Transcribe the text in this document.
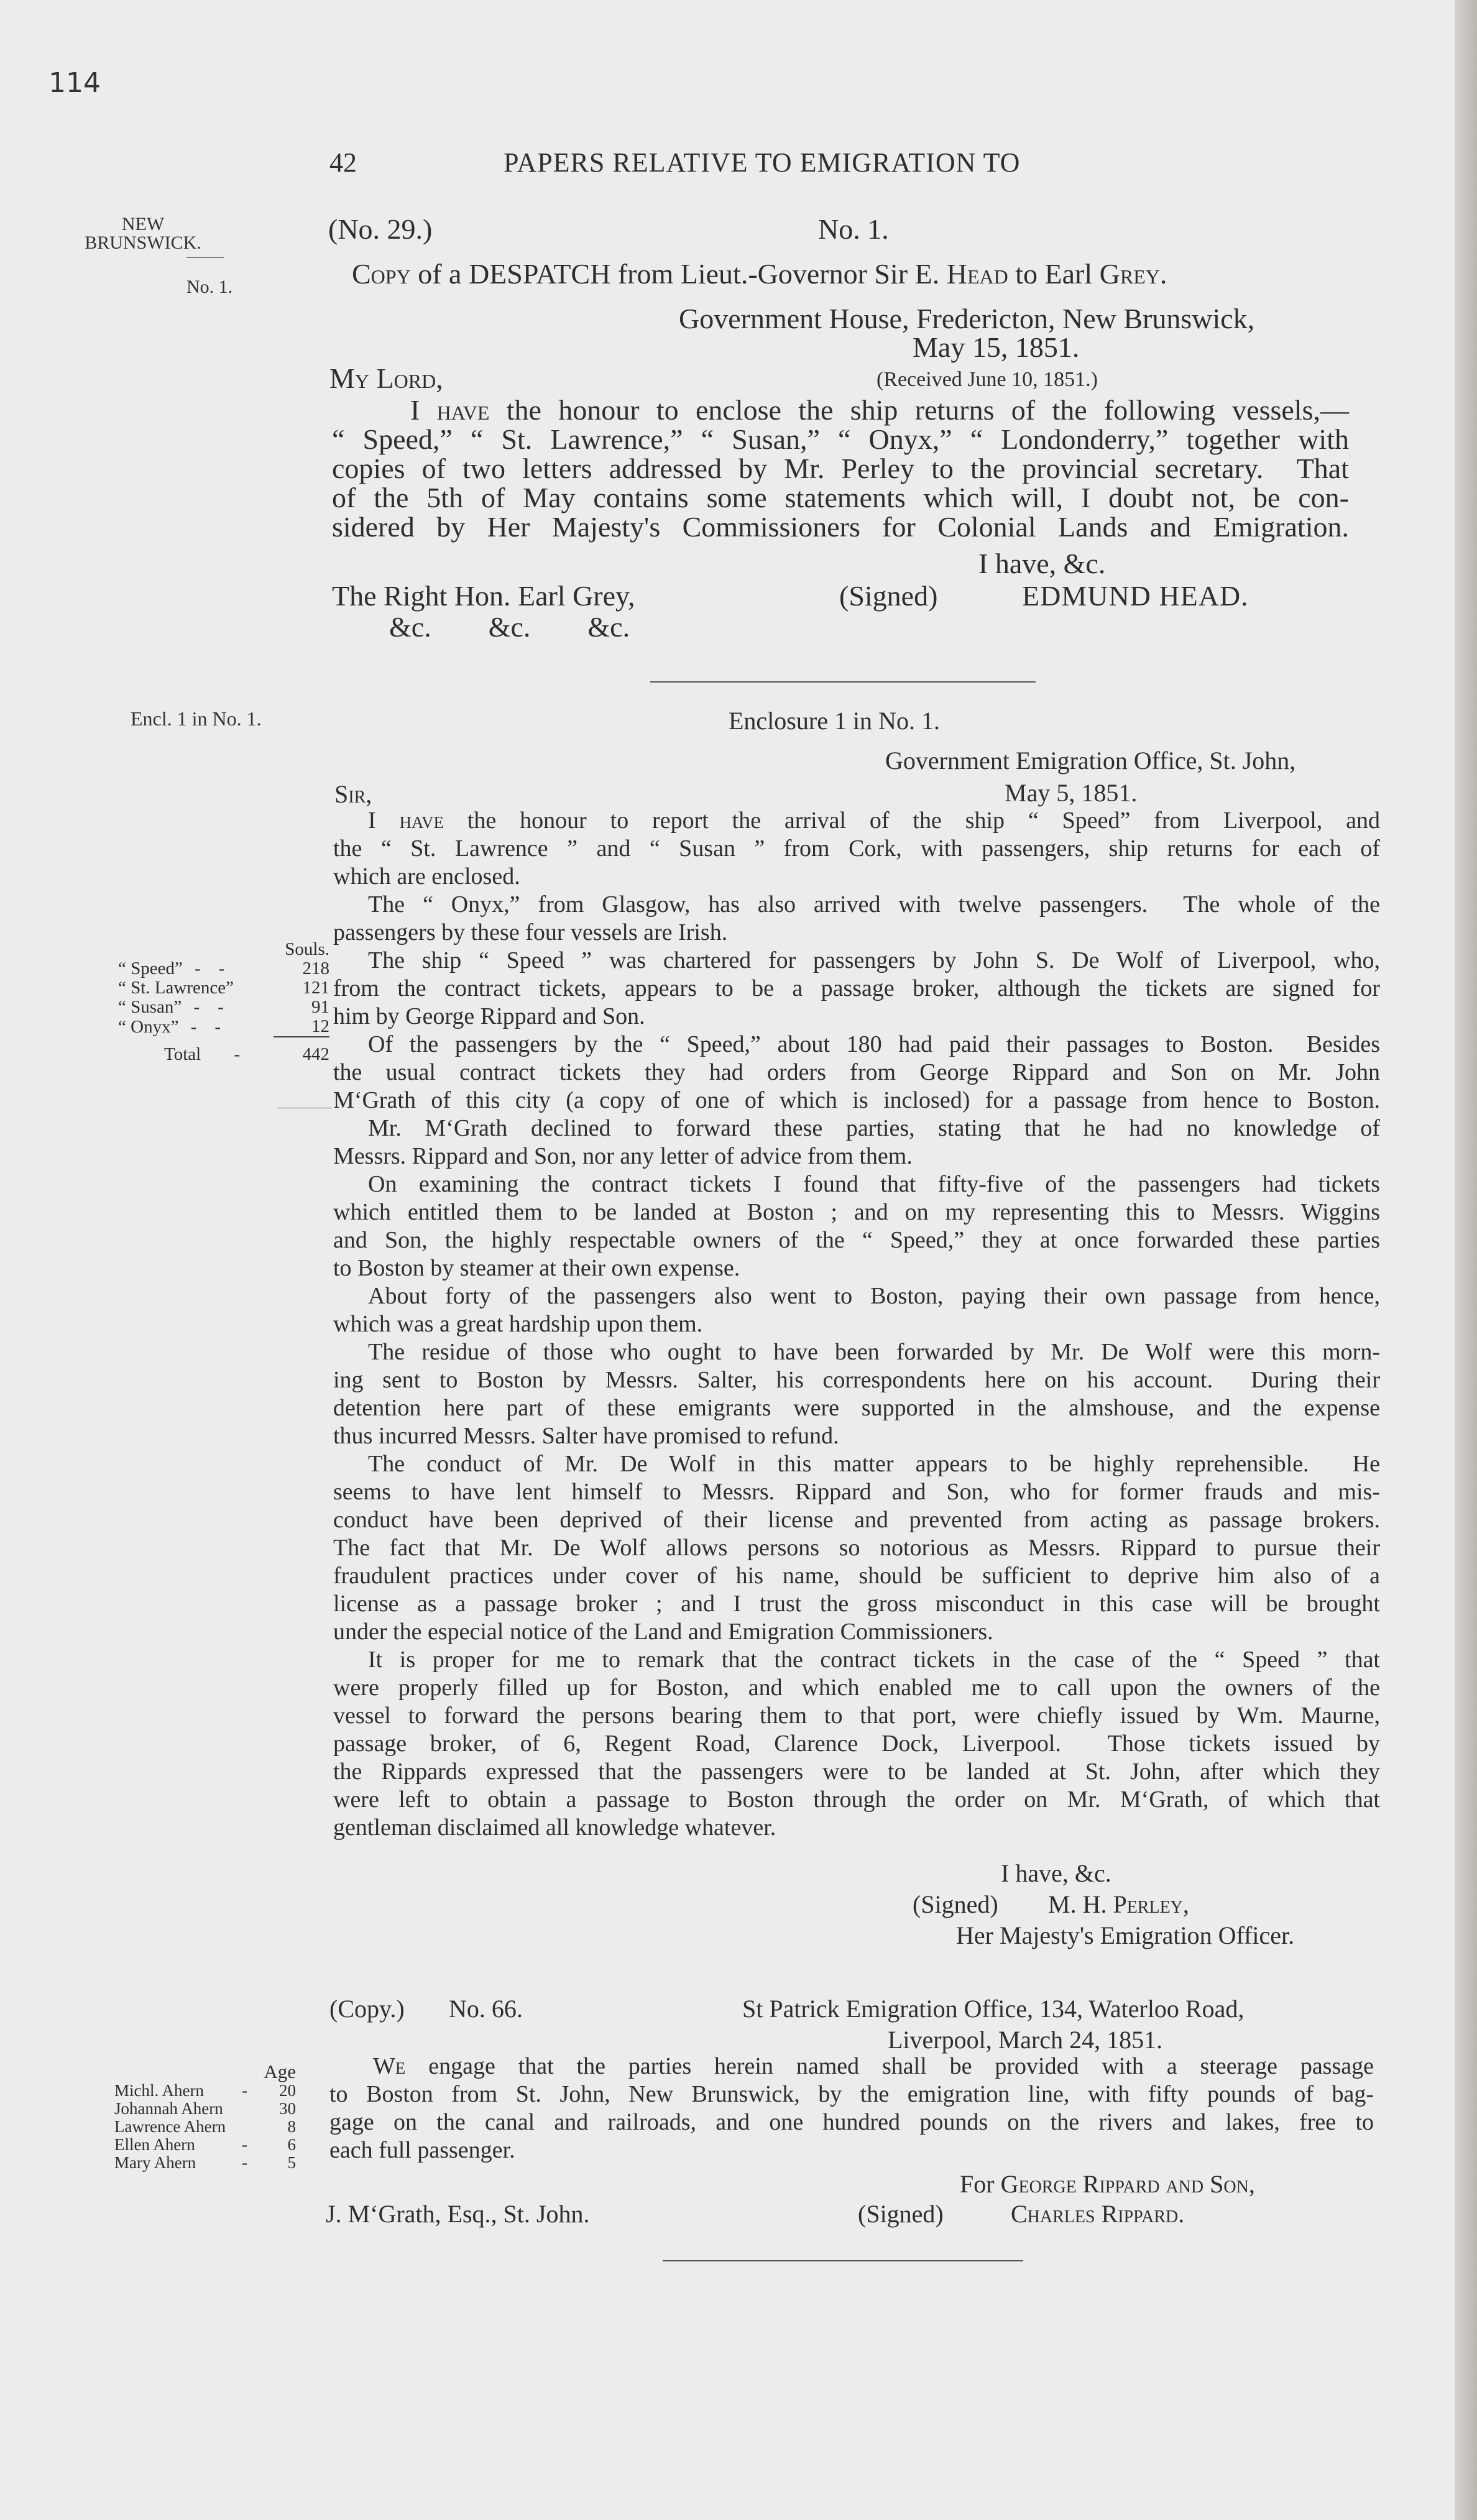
114
42	PAPERS RELATIVE TO EMIGRATION TO
NEW
BRUNSWICK.
No. 1.
(No. 29.)	No. 1.
Copy of a DESPATCH from Lieut.-Governor Sir E. Head to Earl Grey.
Government House, Fredericton, New Brunswick,
May 15, 1851.
My Lord,	(Received June 10, 1851.)
I have the honour to enclose the ship returns of the following vessels,—
“ Speed,” “ St. Lawrence,” “ Susan,” “ Onyx,” “ Londonderry,” together with
copies of two letters addressed by Mr. Perley to the provincial secretary.  That
of the 5th of May contains some statements which will, I doubt not, be con-
sidered by Her Majesty's Commissioners for Colonial Lands and Emigration.
I have, &c.
The Right Hon. Earl Grey,	(Signed)	EDMUND HEAD.
&c.        &c.        &c.
Encl. 1 in No. 1.	Enclosure 1 in No. 1.
Government Emigration Office, St. John,
May 5, 1851.
Sir,
I have the honour to report the arrival of the ship “ Speed” from Liverpool, and
the “ St. Lawrence ” and “ Susan ” from Cork, with passengers, ship returns for each of
which are enclosed.
The “ Onyx,” from Glasgow, has also arrived with twelve passengers.  The whole of the
passengers by these four vessels are Irish.
The ship “ Speed ” was chartered for passengers by John S. De Wolf of Liverpool, who,
from the contract tickets, appears to be a passage broker, although the tickets are signed for
him by George Rippard and Son.
Of the passengers by the “ Speed,” about 180 had paid their passages to Boston.  Besides
the usual contract tickets they had orders from George Rippard and Son on Mr. John
M‘Grath of this city (a copy of one of which is inclosed) for a passage from hence to Boston.
Mr. M‘Grath declined to forward these parties, stating that he had no knowledge of
Messrs. Rippard and Son, nor any letter of advice from them.
On examining the contract tickets I found that fifty-five of the passengers had tickets
which entitled them to be landed at Boston ; and on my representing this to Messrs. Wiggins
and Son, the highly respectable owners of the “ Speed,” they at once forwarded these parties
to Boston by steamer at their own expense.
About forty of the passengers also went to Boston, paying their own passage from hence,
which was a great hardship upon them.
The residue of those who ought to have been forwarded by Mr. De Wolf were this morn-
ing sent to Boston by Messrs. Salter, his correspondents here on his account.  During their
detention here part of these emigrants were supported in the almshouse, and the expense
thus incurred Messrs. Salter have promised to refund.
The conduct of Mr. De Wolf in this matter appears to be highly reprehensible.  He
seems to have lent himself to Messrs. Rippard and Son, who for former frauds and mis-
conduct have been deprived of their license and prevented from acting as passage brokers.
The fact that Mr. De Wolf allows persons so notorious as Messrs. Rippard to pursue their
fraudulent practices under cover of his name, should be sufficient to deprive him also of a
license as a passage broker ; and I trust the gross misconduct in this case will be brought
under the especial notice of the Land and Emigration Commissioners.
It is proper for me to remark that the contract tickets in the case of the “ Speed ” that
were properly filled up for Boston, and which enabled me to call upon the owners of the
vessel to forward the persons bearing them to that port, were chiefly issued by Wm. Maurne,
passage broker, of 6, Regent Road, Clarence Dock, Liverpool.  Those tickets issued by
the Rippards expressed that the passengers were to be landed at St. John, after which they
were left to obtain a passage to Boston through the order on Mr. M‘Grath, of which that
gentleman disclaimed all knowledge whatever.
I have, &c.
(Signed) M. H. Perley,
Her Majesty's Emigration Officer.
	Souls.
“ Speed” -    -	218
“ St. Lawrence”	121
“ Susan” -    -	91
“ Onyx” -    -	12
Total -	442
(Copy.) No. 66.	St Patrick Emigration Office, 134, Waterloo Road,
Liverpool, March 24, 1851.
We engage that the parties herein named shall be provided with a steerage passage
to Boston from St. John, New Brunswick, by the emigration line, with fifty pounds of bag-
gage on the canal and railroads, and one hundred pounds on the rivers and lakes, free to
each full passenger.
For George Rippard and Son,
J. M‘Grath, Esq., St. John.	(Signed)	Charles Rippard.
	Age
Michl. Ahern -	20
Johannah Ahern	30
Lawrence Ahern	8
Ellen Ahern -	6
Mary Ahern -	5
